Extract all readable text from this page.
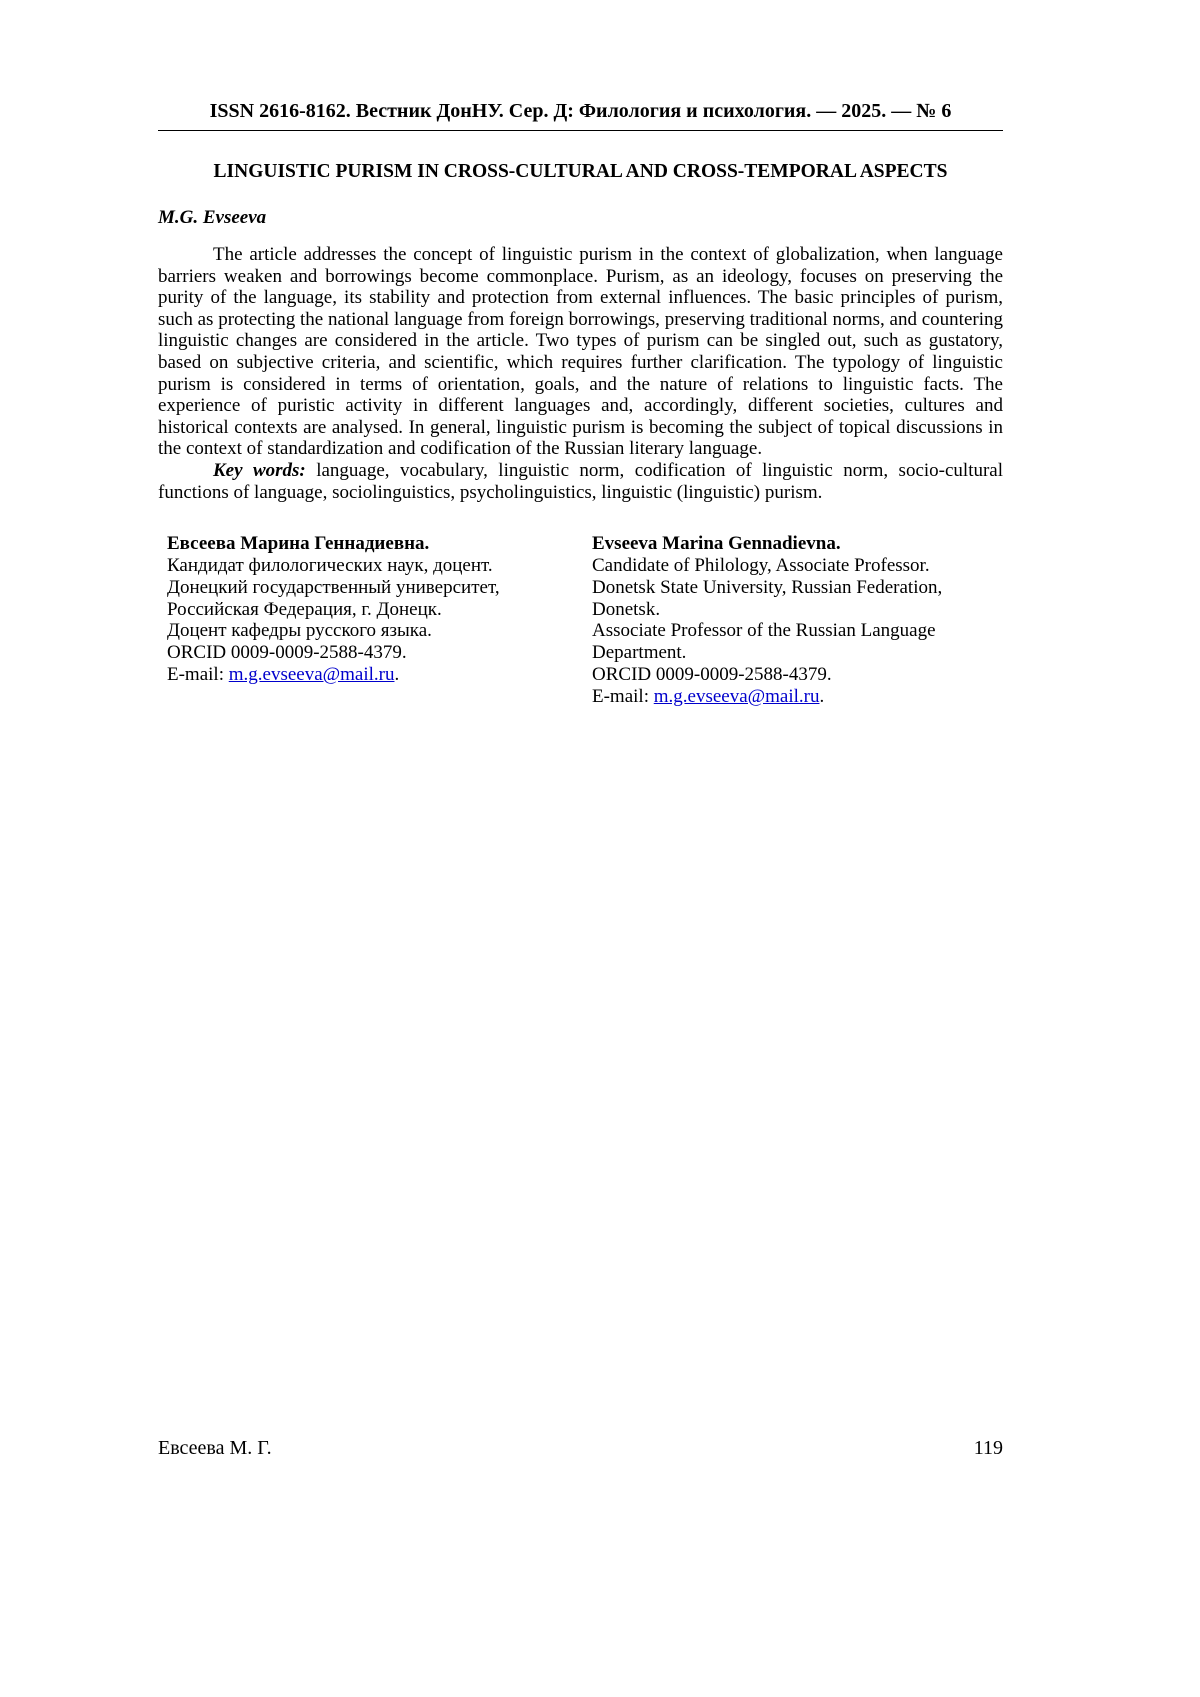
ISSN 2616-8162. Вестник ДонНУ. Сер. Д: Филология и психология. — 2025. — № 6
LINGUISTIC PURISM IN CROSS-CULTURAL AND CROSS-TEMPORAL ASPECTS
M.G. Evseeva

The article addresses the concept of linguistic purism in the context of globalization, when language barriers weaken and borrowings become commonplace. Purism, as an ideology, focuses on preserving the purity of the language, its stability and protection from external influences. The basic principles of purism, such as protecting the national language from foreign borrowings, preserving traditional norms, and countering linguistic changes are considered in the article. Two types of purism can be singled out, such as gustatory, based on subjective criteria, and scientific, which requires further clarification. The typology of linguistic purism is considered in terms of orientation, goals, and the nature of relations to linguistic facts. The experience of puristic activity in different languages and, accordingly, different societies, cultures and historical contexts are analysed. In general, linguistic purism is becoming the subject of topical discussions in the context of standardization and codification of the Russian literary language.

Key words: language, vocabulary, linguistic norm, codification of linguistic norm, socio-cultural functions of language, sociolinguistics, psycholinguistics, linguistic (linguistic) purism.

Евсеева Марина Геннадиевна.
Кандидат филологических наук, доцент.
Донецкий государственный университет,
Российская Федерация, г. Донецк.
Доцент кафедры русского языка.
ORCID 0009-0009-2588-4379.
E-mail: m.g.evseeva@mail.ru.
Evseeva Marina Gennadievna.
Candidate of Philology, Associate Professor.
Donetsk State University, Russian Federation,
Donetsk.
Associate Professor of the Russian Language
Department.
ORCID 0009-0009-2588-4379.
E-mail: m.g.evseeva@mail.ru.
Евсеева М. Г.	119
